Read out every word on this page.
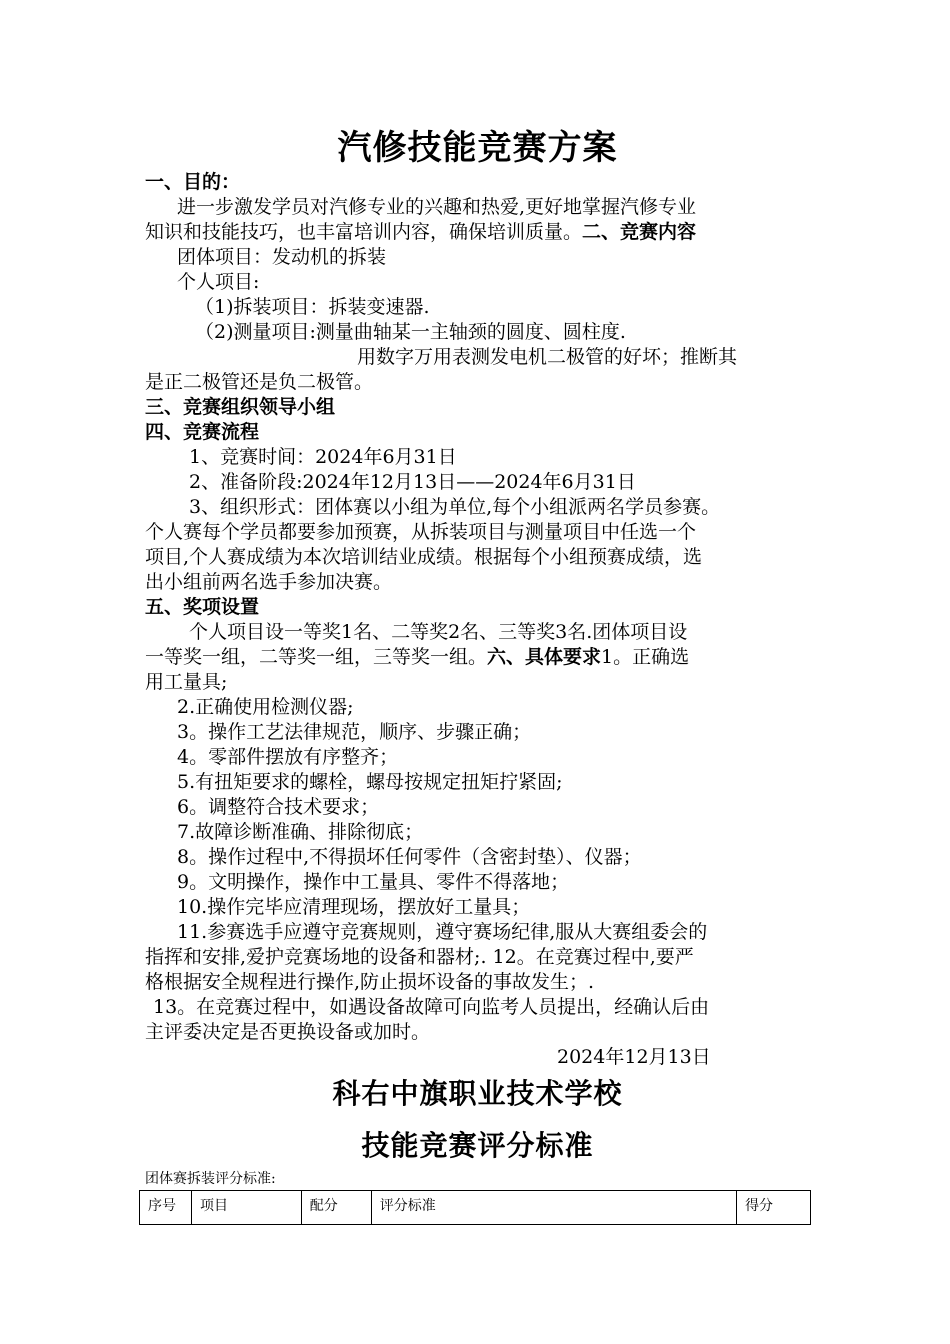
汽修技能竞赛方案
一、目的：
进一步激发学员对汽修专业的兴趣和热爱,更好地掌握汽修专业
知识和技能技巧，也丰富培训内容，确保培训质量。二、竞赛内容
团体项目：发动机的拆装
个人项目:
（1)拆装项目：拆装变速器.
（2)测量项目:测量曲轴某一主轴颈的圆度、圆柱度.
用数字万用表测发电机二极管的好坏；推断其
是正二极管还是负二极管。
三、竞赛组织领导小组
四、竞赛流程
1、竞赛时间：2024年6月31日
2、准备阶段:2024年12月13日——2024年6月31日
3、组织形式：团体赛以小组为单位,每个小组派两名学员参赛。
个人赛每个学员都要参加预赛，从拆装项目与测量项目中任选一个
项目,个人赛成绩为本次培训结业成绩。根据每个小组预赛成绩，选
出小组前两名选手参加决赛。
五、奖项设置
个人项目设一等奖1名、二等奖2名、三等奖3名.团体项目设
一等奖一组，二等奖一组，三等奖一组。六、具体要求1。正确选
用工量具;
2.正确使用检测仪器;
3。操作工艺法律规范，顺序、步骤正确；
4。零部件摆放有序整齐；
5.有扭矩要求的螺栓，螺母按规定扭矩拧紧固;
6。调整符合技术要求；
7.故障诊断准确、排除彻底；
8。操作过程中,不得损坏任何零件（含密封垫）、仪器；
9。文明操作，操作中工量具、零件不得落地；
10.操作完毕应清理现场，摆放好工量具；
11.参赛选手应遵守竞赛规则，遵守赛场纪律,服从大赛组委会的
指挥和安排,爱护竞赛场地的设备和器材;. 12。在竞赛过程中,要严
格根据安全规程进行操作,防止损坏设备的事故发生；.
13。在竞赛过程中，如遇设备故障可向监考人员提出，经确认后由
主评委决定是否更换设备或加时。
2024年12月13日
科右中旗职业技术学校
技能竞赛评分标准
团体赛拆装评分标准:
序号	项目	配分	评分标准	得分
